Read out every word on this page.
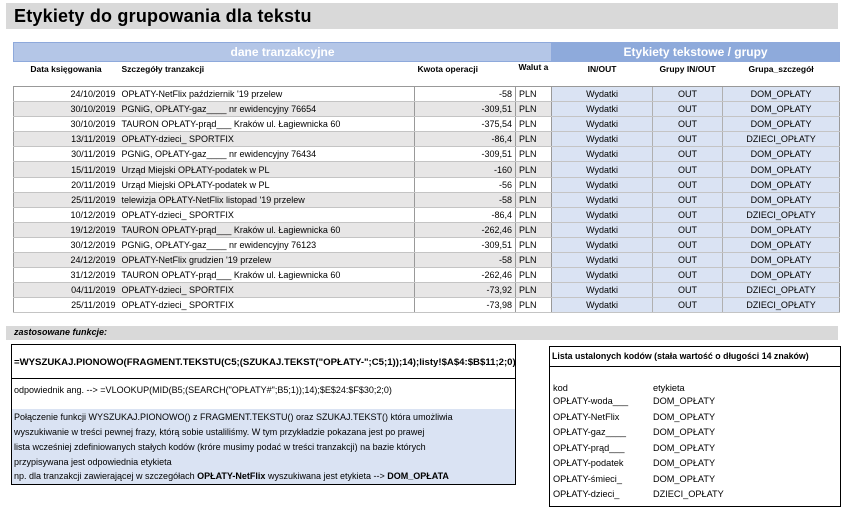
Etykiety do grupowania dla tekstu
dane tranzakcyjne				Etykiety tekstowe / grupy		
Data księgowania	Szczegóły tranzakcji	Kwota operacji	Walut a	IN/OUT	Grupy IN/OUT	Grupa_szczegół
24/10/2019	OPŁATY-NetFlix październik '19 przelew	-58	PLN	Wydatki	OUT	DOM_OPŁATY
30/10/2019	PGNiG, OPŁATY-gaz____ nr ewidencyjny 76654	-309,51	PLN	Wydatki	OUT	DOM_OPŁATY
30/10/2019	TAURON OPŁATY-prąd___ Kraków ul. Łagiewnicka 60	-375,54	PLN	Wydatki	OUT	DOM_OPŁATY
13/11/2019	OPŁATY-dzieci_ SPORTFIX	-86,4	PLN	Wydatki	OUT	DZIECI_OPŁATY
30/11/2019	PGNiG, OPŁATY-gaz____ nr ewidencyjny 76434	-309,51	PLN	Wydatki	OUT	DOM_OPŁATY
15/11/2019	Urząd Miejski OPŁATY-podatek w PL	-160	PLN	Wydatki	OUT	DOM_OPŁATY
20/11/2019	Urząd Miejski OPŁATY-podatek w PL	-56	PLN	Wydatki	OUT	DOM_OPŁATY
25/11/2019	telewizja OPŁATY-NetFlix listopad '19 przelew	-58	PLN	Wydatki	OUT	DOM_OPŁATY
10/12/2019	OPŁATY-dzieci_ SPORTFIX	-86,4	PLN	Wydatki	OUT	DZIECI_OPŁATY
19/12/2019	TAURON OPŁATY-prąd___ Kraków ul. Łagiewnicka 60	-262,46	PLN	Wydatki	OUT	DOM_OPŁATY
30/12/2019	PGNiG, OPŁATY-gaz____ nr ewidencyjny 76123	-309,51	PLN	Wydatki	OUT	DOM_OPŁATY
24/12/2019	OPŁATY-NetFlix grudzien '19 przelew	-58	PLN	Wydatki	OUT	DOM_OPŁATY
31/12/2019	TAURON OPŁATY-prąd___ Kraków ul. Łagiewnicka 60	-262,46	PLN	Wydatki	OUT	DOM_OPŁATY
04/11/2019	OPŁATY-dzieci_ SPORTFIX	-73,92	PLN	Wydatki	OUT	DZIECI_OPŁATY
25/11/2019	OPŁATY-dzieci_ SPORTFIX	-73,98	PLN	Wydatki	OUT	DZIECI_OPŁATY
zastosowane funkcje:
=WYSZUKAJ.PIONOWO(FRAGMENT.TEKSTU(C5;(SZUKAJ.TEKST("OPŁATY-";C5;1));14);listy!$A$4:$B$11;2;0)
odpowiednik ang. --> =VLOOKUP(MID(B5;(SEARCH("OPŁATY#";B5;1));14);$E$24:$F$30;2;0)
Połączenie funkcji WYSZUKAJ.PIONOWO() z FRAGMENT.TEKSTU() oraz SZUKAJ.TEKST() która umożliwia
wyszukiwanie w treści pewnej frazy, którą sobie ustaliliśmy. W tym przykładzie pokazana jest po prawej
lista wcześniej zdefiniowanych stałych kodów (króre musimy podać w treści tranzakcji) na bazie których
przypisywana jest odpowiednia etykieta
np. dla tranzakcji zawierającej w szczegółach OPŁATY-NetFlix wyszukiwana jest etykieta --> DOM_OPŁATA
Lista ustalonych kodów (stała wartość o długości 14 znaków)
kod	etykieta
OPŁATY-woda___	DOM_OPŁATY
OPŁATY-NetFlix	DOM_OPŁATY
OPŁATY-gaz____	DOM_OPŁATY
OPŁATY-prąd___	DOM_OPŁATY
OPŁATY-podatek	DOM_OPŁATY
OPŁATY-śmieci_	DOM_OPŁATY
OPŁATY-dzieci_	DZIECI_OPŁATY
